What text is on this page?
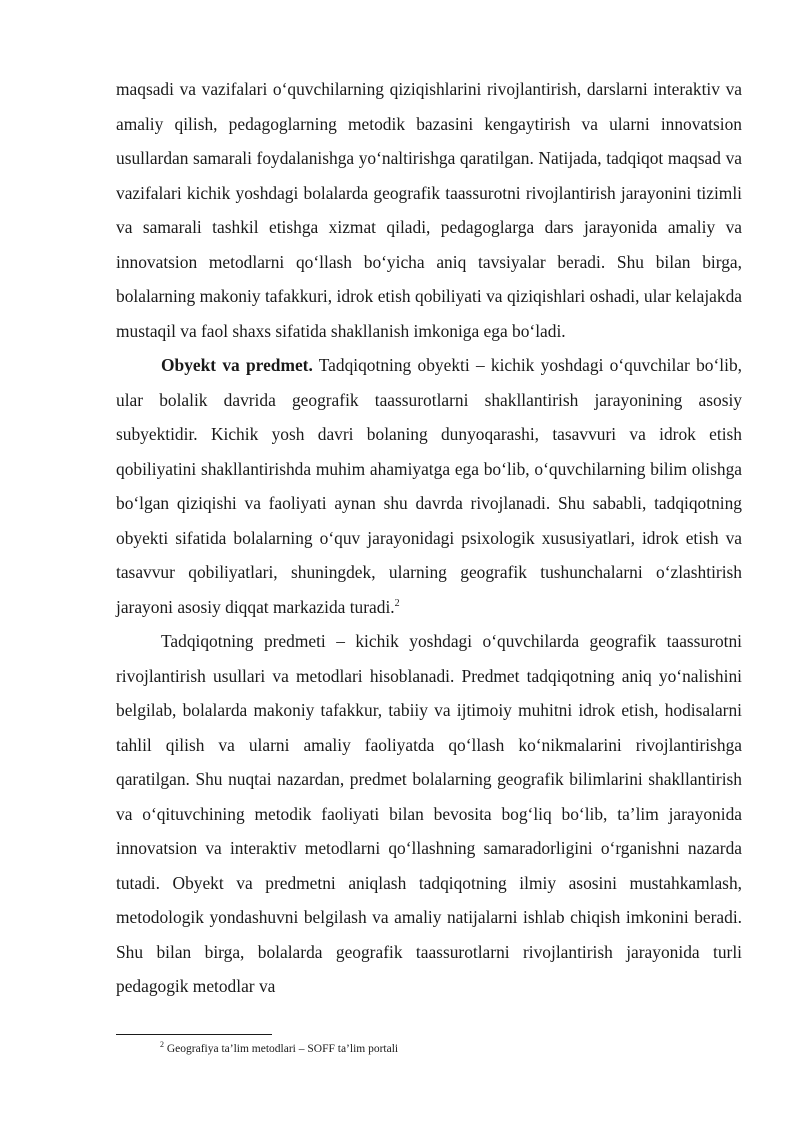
maqsadi va vazifalari o‘quvchilarning qiziqishlarini rivojlantirish, darslarni interaktiv va amaliy qilish, pedagoglarning metodik bazasini kengaytirish va ularni innovatsion usullardan samarali foydalanishga yo‘naltirishga qaratilgan. Natijada, tadqiqot maqsad va vazifalari kichik yoshdagi bolalarda geografik taassurotni rivojlantirish jarayonini tizimli va samarali tashkil etishga xizmat qiladi, pedagoglarga dars jarayonida amaliy va innovatsion metodlarni qo‘llash bo‘yicha aniq tavsiyalar beradi. Shu bilan birga, bolalarning makoniy tafakkuri, idrok etish qobiliyati va qiziqishlari oshadi, ular kelajakda mustaqil va faol shaxs sifatida shakllanish imkoniga ega bo‘ladi.

Obyekt va predmet. Tadqiqotning obyekti – kichik yoshdagi o‘quvchilar bo‘lib, ular bolalik davrida geografik taassurotlarni shakllantirish jarayonining asosiy subyektidir. Kichik yosh davri bolaning dunyoqarashi, tasavvuri va idrok etish qobiliyatini shakllantirishda muhim ahamiyatga ega bo‘lib, o‘quvchilarning bilim olishga bo‘lgan qiziqishi va faoliyati aynan shu davrda rivojlanadi. Shu sababli, tadqiqotning obyekti sifatida bolalarning o‘quv jarayonidagi psixologik xususiyatlari, idrok etish va tasavvur qobiliyatlari, shuningdek, ularning geografik tushunchalarni o‘zlashtirish jarayoni asosiy diqqat markazida turadi.$^2$

Tadqiqotning predmeti – kichik yoshdagi o‘quvchilarda geografik taassurotni rivojlantirish usullari va metodlari hisoblanadi. Predmet tadqiqotning aniq yo‘nalishini belgilab, bolalarda makoniy tafakkur, tabiiy va ijtimoiy muhitni idrok etish, hodisalarni tahlil qilish va ularni amaliy faoliyatda qo‘llash ko‘nikmalarini rivojlantirishga qaratilgan. Shu nuqtai nazardan, predmet bolalarning geografik bilimlarini shakllantirish va o‘qituvchining metodik faoliyati bilan bevosita bog‘liq bo‘lib, ta’lim jarayonida innovatsion va interaktiv metodlarni qo‘llashning samaradorligini o‘rganishni nazarda tutadi. Obyekt va predmetni aniqlash tadqiqotning ilmiy asosini mustahkamlash, metodologik yondashuvni belgilash va amaliy natijalarni ishlab chiqish imkonini beradi. Shu bilan birga, bolalarda geografik taassurotlarni rivojlantirish jarayonida turli pedagogik metodlar va

$^2$ Geografiya ta’lim metodlari – SOFF ta’lim portali
